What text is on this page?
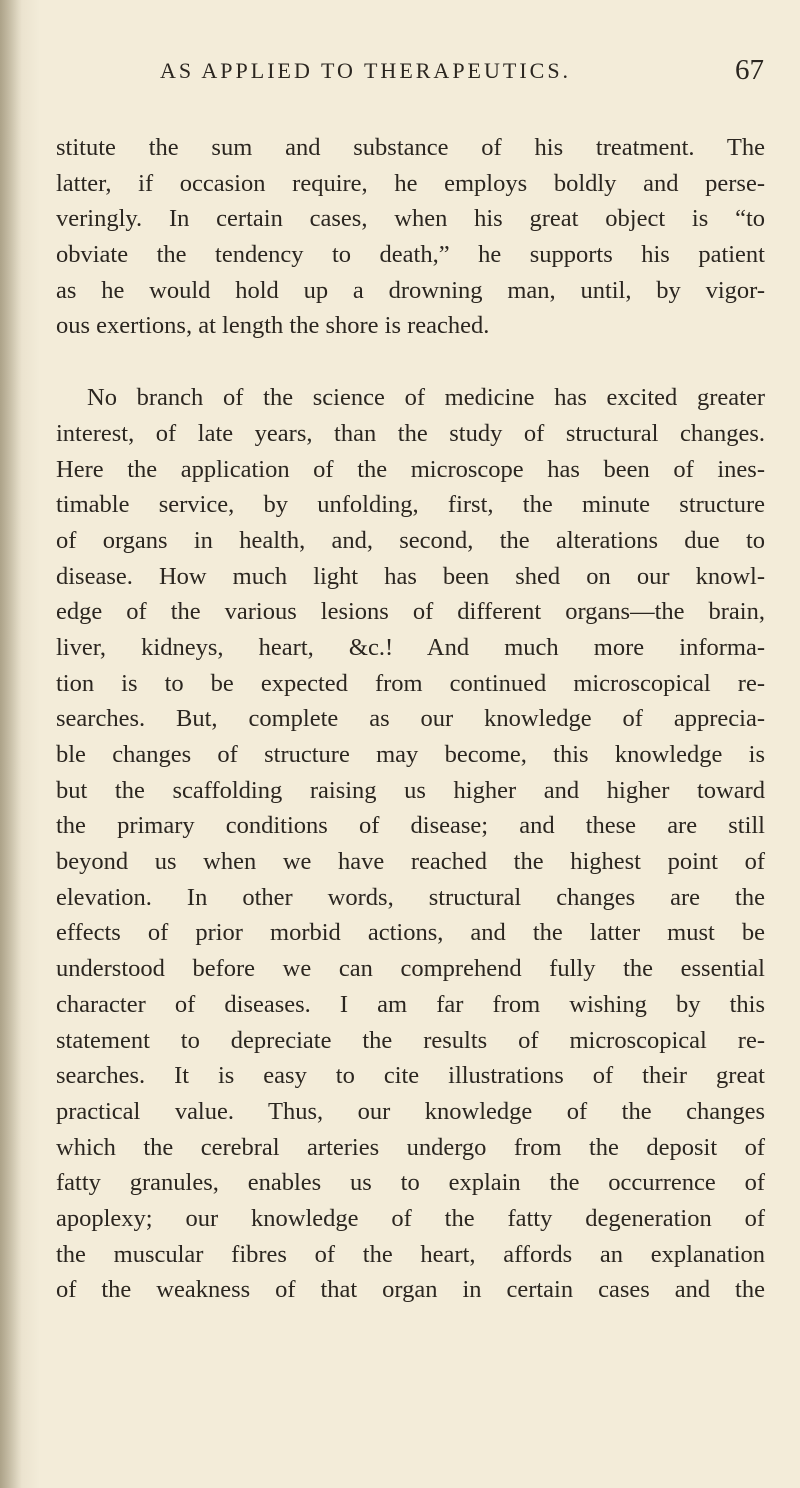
AS APPLIED TO THERAPEUTICS.	67
stitute the sum and substance of his treatment. The
latter, if occasion require, he employs boldly and perse-
veringly. In certain cases, when his great object is “to
obviate the tendency to death,” he supports his patient
as he would hold up a drowning man, until, by vigor-
ous exertions, at length the shore is reached.
No branch of the science of medicine has excited greater
interest, of late years, than the study of structural changes.
Here the application of the microscope has been of ines-
timable service, by unfolding, first, the minute structure
of organs in health, and, second, the alterations due to
disease. How much light has been shed on our knowl-
edge of the various lesions of different organs—the brain,
liver, kidneys, heart, &c.! And much more informa-
tion is to be expected from continued microscopical re-
searches. But, complete as our knowledge of apprecia-
ble changes of structure may become, this knowledge is
but the scaffolding raising us higher and higher toward
the primary conditions of disease; and these are still
beyond us when we have reached the highest point of
elevation. In other words, structural changes are the
effects of prior morbid actions, and the latter must be
understood before we can comprehend fully the essential
character of diseases. I am far from wishing by this
statement to depreciate the results of microscopical re-
searches. It is easy to cite illustrations of their great
practical value. Thus, our knowledge of the changes
which the cerebral arteries undergo from the deposit of
fatty granules, enables us to explain the occurrence of
apoplexy; our knowledge of the fatty degeneration of
the muscular fibres of the heart, affords an explanation
of the weakness of that organ in certain cases and the
